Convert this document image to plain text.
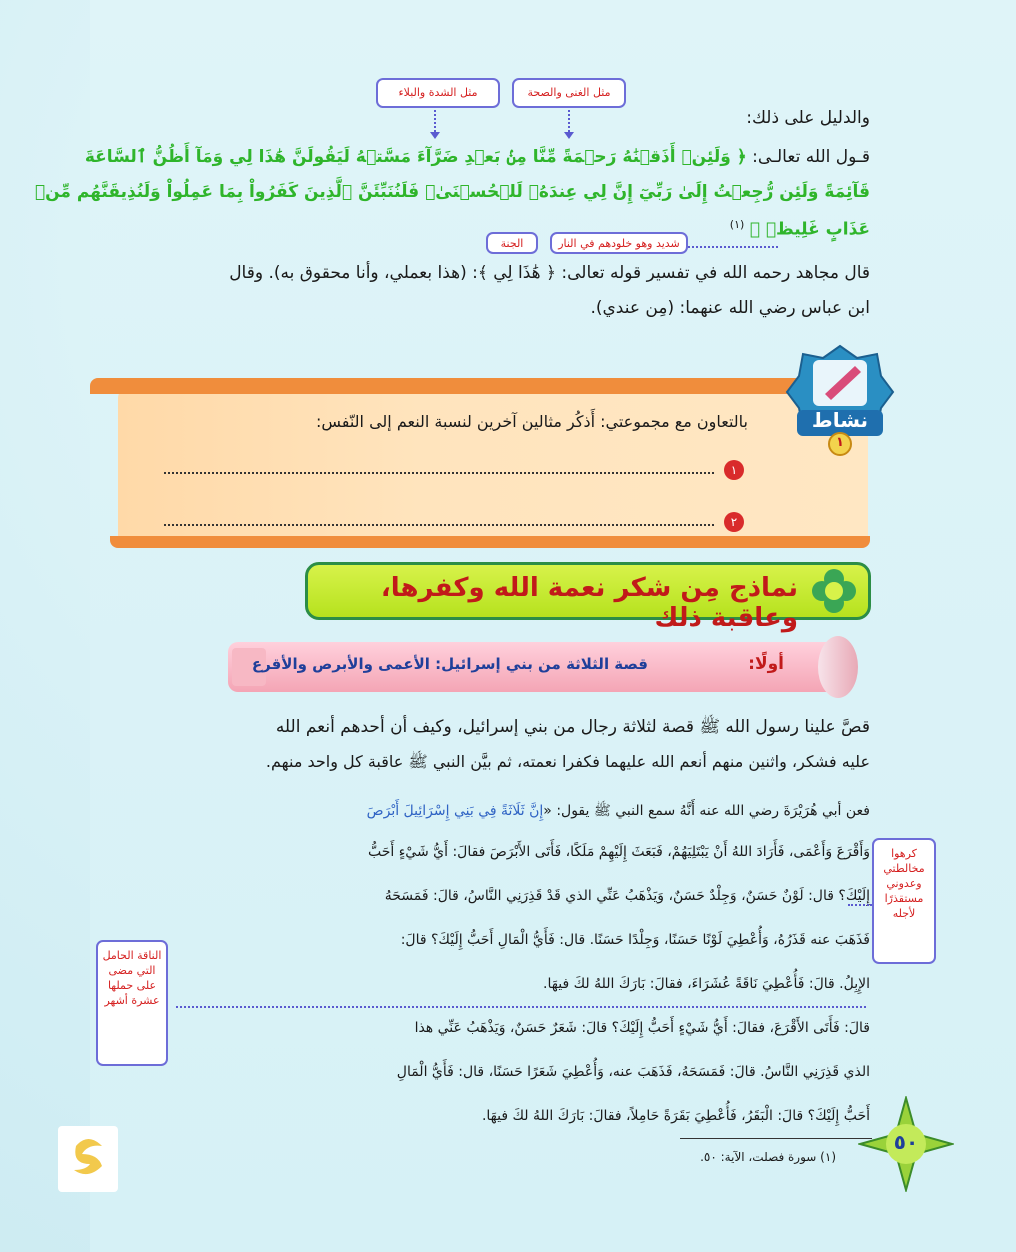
مثل الغنى والصحة
مثل الشدة والبلاء
والدليل على ذلك:
قـول الله تعالـى: ﴿ وَلَئِنۡ أَذَقۡنَٰهُ رَحۡمَةً مِّنَّا مِنۢ بَعۡدِ ضَرَّآءَ مَسَّتۡهُ لَيَقُولَنَّ هَٰذَا لِي وَمَآ أَظُنُّ ٱلسَّاعَةَ
قَآئِمَةً وَلَئِن رُّجِعۡتُ إِلَىٰ رَبِّيٓ إِنَّ لِي عِندَهُۥ لَلۡحُسۡنَىٰۚ فَلَنُنَبِّئَنَّ ٱلَّذِينَ كَفَرُواْ بِمَا عَمِلُواْ وَلَنُذِيقَنَّهُم مِّنۡ
عَذَابٍ غَلِيظٖ ﴾ $^{(١)}$
شديد وهو خلودهم في النار
الجنة
قال مجاهد رحمه الله في تفسير قوله تعالى: ﴿ هَٰذَا لِي ﴾: (هذا بعملي، وأنا محقوق به). وقال
ابن عباس رضي الله عنهما: (مِن عندي).
نشاط
١
بالتعاون مع مجموعتي: أَذكُر مثالين آخرين لنسبة النعم إلى النّفس:
١
٢
نماذج مِن شكر نعمة الله وكفرها، وعاقبة ذلك
أولًا:
قصة الثلاثة من بني إسرائيل: الأعمى والأبرص والأقرع
قصَّ علينا رسول الله ﷺ قصة لثلاثة رجال من بني إسرائيل، وكيف أن أحدهم أنعم الله
عليه فشكر، واثنين منهم أنعم الله عليهما فكفرا نعمته، ثم بيَّن النبي ﷺ عاقبة كل واحد منهم.
فعن أبي هُرَيْرَةَ رضي الله عنه أَنَّهُ سمع النبي ﷺ يقول: «إِنَّ ثَلَاثَةً فِي بَنِي إِسْرَائِيلَ أَبْرَصَ
وَأَقْرَعَ وَأَعْمَى، فَأَرَادَ اللهُ أَنْ يَبْتَلِيَهُمْ، فَبَعَثَ إِلَيْهِمْ مَلَكًا، فَأَتَى الأَبْرَصَ فقالَ: أَيُّ شَيْءٍ أَحَبُّ
إِلَيْكَ؟ قال: لَوْنٌ حَسَنٌ، وَجِلْدٌ حَسَنٌ، وَيَذْهَبُ عَنِّي الذي قَدْ قَذِرَنِي النَّاسُ، قالَ: فَمَسَحَهُ
فَذَهَبَ عنه قَذَرُهُ، وَأُعْطِيَ لَوْنًا حَسَنًا، وَجِلْدًا حَسَنًا. قال: فَأَيُّ الْمَالِ أَحَبُّ إِلَيْكَ؟ قالَ:
الإِبِلُ. قالَ: فَأُعْطِيَ نَاقَةً عُشَرَاءَ، فقالَ: بَارَكَ اللهُ لكَ فيهَا.
قالَ: فَأَتَى الأَقْرَعَ، فقالَ: أَيُّ شَيْءٍ أَحَبُّ إِلَيْكَ؟ قالَ: شَعَرٌ حَسَنٌ، وَيَذْهَبُ عَنِّي هذا
الذي قَذِرَنِي النَّاسُ. قالَ: فَمَسَحَهُ، فَذَهَبَ عنه، وَأُعْطِيَ شَعَرًا حَسَنًا، قال: فَأَيُّ الْمَالِ
أَحَبُّ إِلَيْكَ؟ قالَ: الْبَقَرُ، فَأُعْطِيَ بَقَرَةً حَامِلاً، فقالَ: بَارَكَ اللهُ لكَ فيهَا.
كرهوا مخالطتي وعدوني مستقذرًا لأجله
الناقة الحامل التي مضى على حملها عشرة أشهر
(١) سورة فصلت، الآية: ٥٠.
٥٠
